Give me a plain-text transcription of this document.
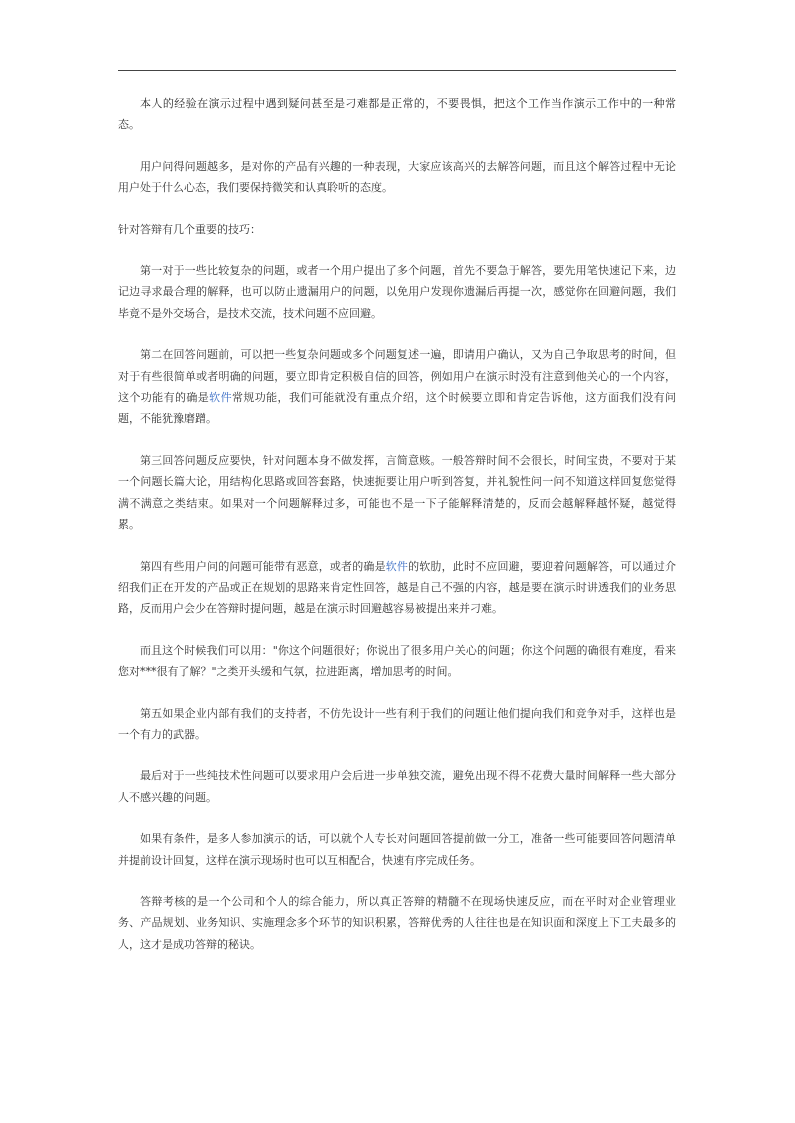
本人的经验在演示过程中遇到疑问甚至是刁难都是正常的，不要畏惧，把这个工作当作演示工作中的一种常态。

用户问得问题越多，是对你的产品有兴趣的一种表现，大家应该高兴的去解答问题，而且这个解答过程中无论用户处于什么心态，我们要保持微笑和认真聆听的态度。

针对答辩有几个重要的技巧：

第一对于一些比较复杂的问题，或者一个用户提出了多个问题，首先不要急于解答，要先用笔快速记下来，边记边寻求最合理的解释，也可以防止遗漏用户的问题，以免用户发现你遗漏后再提一次，感觉你在回避问题，我们毕竟不是外交场合，是技术交流，技术问题不应回避。

第二在回答问题前，可以把一些复杂问题或多个问题复述一遍，即请用户确认，又为自己争取思考的时间，但对于有些很简单或者明确的问题，要立即肯定积极自信的回答，例如用户在演示时没有注意到他关心的一个内容，这个功能有的确是软件常规功能，我们可能就没有重点介绍，这个时候要立即和肯定告诉他，这方面我们没有问题，不能犹豫磨蹭。

第三回答问题反应要快，针对问题本身不做发挥，言简意赅。一般答辩时间不会很长，时间宝贵，不要对于某一个问题长篇大论，用结构化思路或回答套路，快速扼要让用户听到答复，并礼貌性问一问不知道这样回复您觉得满不满意之类结束。如果对一个问题解释过多，可能也不是一下子能解释清楚的，反而会越解释越怀疑，越觉得累。

第四有些用户问的问题可能带有恶意，或者的确是软件的软肋，此时不应回避，要迎着问题解答，可以通过介绍我们正在开发的产品或正在规划的思路来肯定性回答，越是自己不强的内容，越是要在演示时讲透我们的业务思路，反而用户会少在答辩时提问题，越是在演示时回避越容易被提出来并刁难。

而且这个时候我们可以用："你这个问题很好；你说出了很多用户关心的问题；你这个问题的确很有难度，看来您对***很有了解？"之类开头缓和气氛，拉进距离，增加思考的时间。

第五如果企业内部有我们的支持者，不仿先设计一些有利于我们的问题让他们提向我们和竞争对手，这样也是一个有力的武器。

最后对于一些纯技术性问题可以要求用户会后进一步单独交流，避免出现不得不花费大量时间解释一些大部分人不感兴趣的问题。

如果有条件，是多人参加演示的话，可以就个人专长对问题回答提前做一分工，准备一些可能要回答问题清单并提前设计回复，这样在演示现场时也可以互相配合，快速有序完成任务。

答辩考核的是一个公司和个人的综合能力，所以真正答辩的精髓不在现场快速反应，而在平时对企业管理业务、产品规划、业务知识、实施理念多个环节的知识积累，答辩优秀的人往往也是在知识面和深度上下工夫最多的人，这才是成功答辩的秘诀。
